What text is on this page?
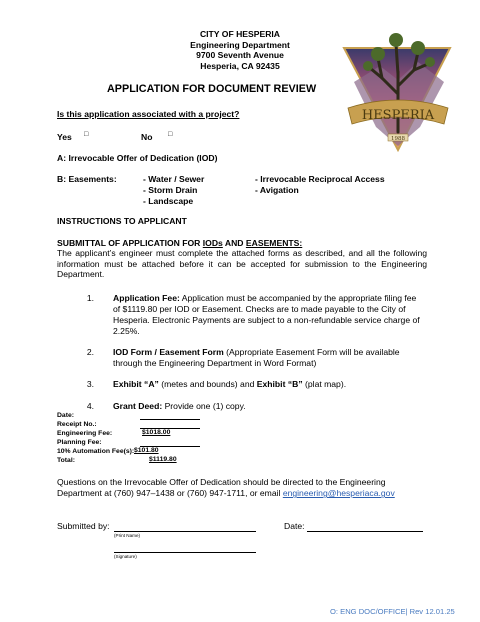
CITY OF HESPERIA
Engineering Department
9700 Seventh Avenue
Hesperia, CA 92435
HESPERIA
1988
APPLICATION FOR DOCUMENT REVIEW
Is this application associated with a project?
Yes □	No □
A: Irrevocable Offer of Dedication (IOD)
B: Easements:	- Water / Sewer
- Storm Drain
- Landscape
- Irrevocable Reciprocal Access
- Avigation
INSTRUCTIONS TO APPLICANT
SUBMITTAL OF APPLICATION FOR IODs AND EASEMENTS:

The applicant’s engineer must complete the attached forms as described, and all the following information must be attached before it can be accepted for submission to the Engineering Department.

1. Application Fee: Application must be accompanied by the appropriate filing fee of $1119.80 per IOD or Easement. Checks are to made payable to the City of Hesperia. Electronic Payments are subject to a non-refundable service charge of 2.25%.

2. IOD Form / Easement Form (Appropriate Easement Form will be available through the Engineering Department in Word Format)

3. Exhibit “A” (metes and bounds) and Exhibit “B” (plat map).

4. Grant Deed: Provide one (1) copy.

Date:
Receipt No.:
Engineering Fee:
Planning Fee:
10% Automation Fee(s):
Total:
$1018.00
$101.80
$1119.80

Questions on the Irrevocable Offer of Dedication should be directed to the Engineering Department at (760) 947–1438 or (760) 947-1711, or email engineering@hesperiaca.gov

Submitted by:
(Print Name)
Date:
(Signature)
O: ENG DOC/OFFICE| Rev 12.01.25
